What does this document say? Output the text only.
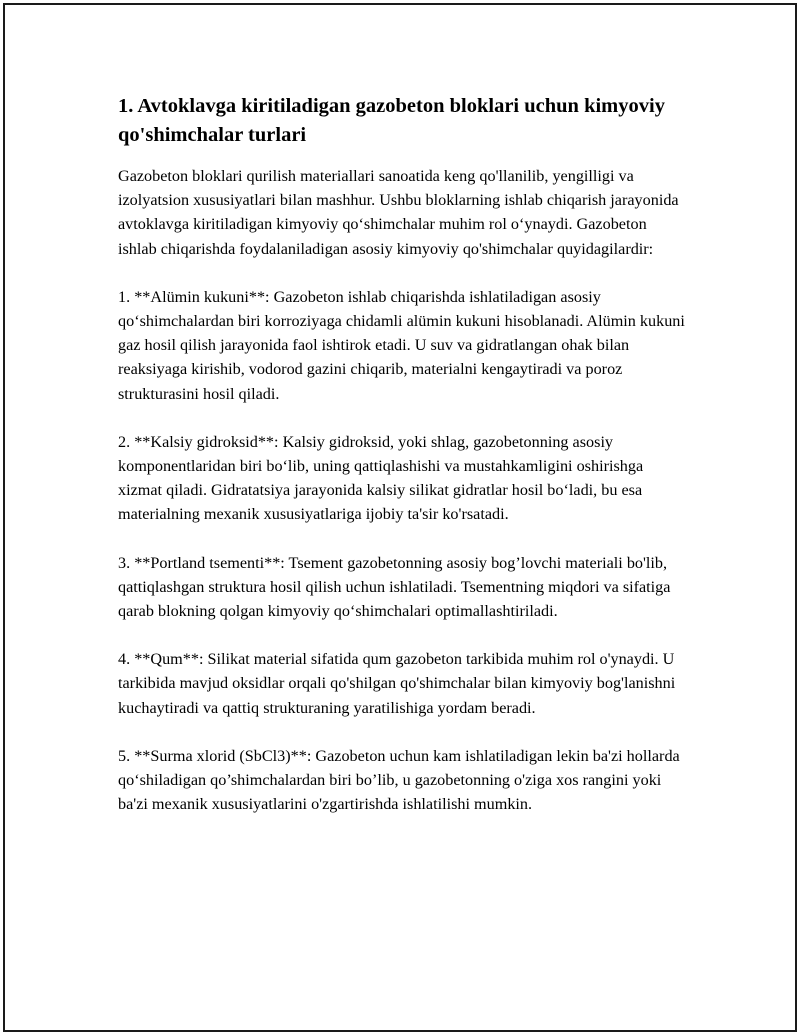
1. Avtoklavga kiritiladigan gazobeton bloklari uchun kimyoviy qo'shimchalar turlari

Gazobeton bloklari qurilish materiallari sanoatida keng qo'llanilib, yengilligi va izolyatsion xususiyatlari bilan mashhur. Ushbu bloklarning ishlab chiqarish jarayonida avtoklavga kiritiladigan kimyoviy qo‘shimchalar muhim rol o‘ynaydi. Gazobeton ishlab chiqarishda foydalaniladigan asosiy kimyoviy qo'shimchalar quyidagilardir:

1. **Alümin kukuni**: Gazobeton ishlab chiqarishda ishlatiladigan asosiy qo‘shimchalardan biri korroziyaga chidamli alümin kukuni hisoblanadi. Alümin kukuni gaz hosil qilish jarayonida faol ishtirok etadi. U suv va gidratlangan ohak bilan reaksiyaga kirishib, vodorod gazini chiqarib, materialni kengaytiradi va poroz strukturasini hosil qiladi.

2. **Kalsiy gidroksid**: Kalsiy gidroksid, yoki shlag, gazobetonning asosiy komponentlaridan biri bo‘lib, uning qattiqlashishi va mustahkamligini oshirishga xizmat qiladi. Gidratatsiya jarayonida kalsiy silikat gidratlar hosil bo‘ladi, bu esa materialning mexanik xususiyatlariga ijobiy ta'sir ko'rsatadi.

3. **Portland tsementi**: Tsement gazobetonning asosiy bog’lovchi materiali bo'lib, qattiqlashgan struktura hosil qilish uchun ishlatiladi. Tsementning miqdori va sifatiga qarab blokning qolgan kimyoviy qo‘shimchalari optimallashtiriladi.

4. **Qum**: Silikat material sifatida qum gazobeton tarkibida muhim rol o'ynaydi. U tarkibida mavjud oksidlar orqali qo'shilgan qo'shimchalar bilan kimyoviy bog'lanishni kuchaytiradi va qattiq strukturaning yaratilishiga yordam beradi.

5. **Surma xlorid (SbCl3)**: Gazobeton uchun kam ishlatiladigan lekin ba'zi hollarda qo‘shiladigan qo’shimchalardan biri bo’lib, u gazobetonning o'ziga xos rangini yoki ba'zi mexanik xususiyatlarini o'zgartirishda ishlatilishi mumkin.
